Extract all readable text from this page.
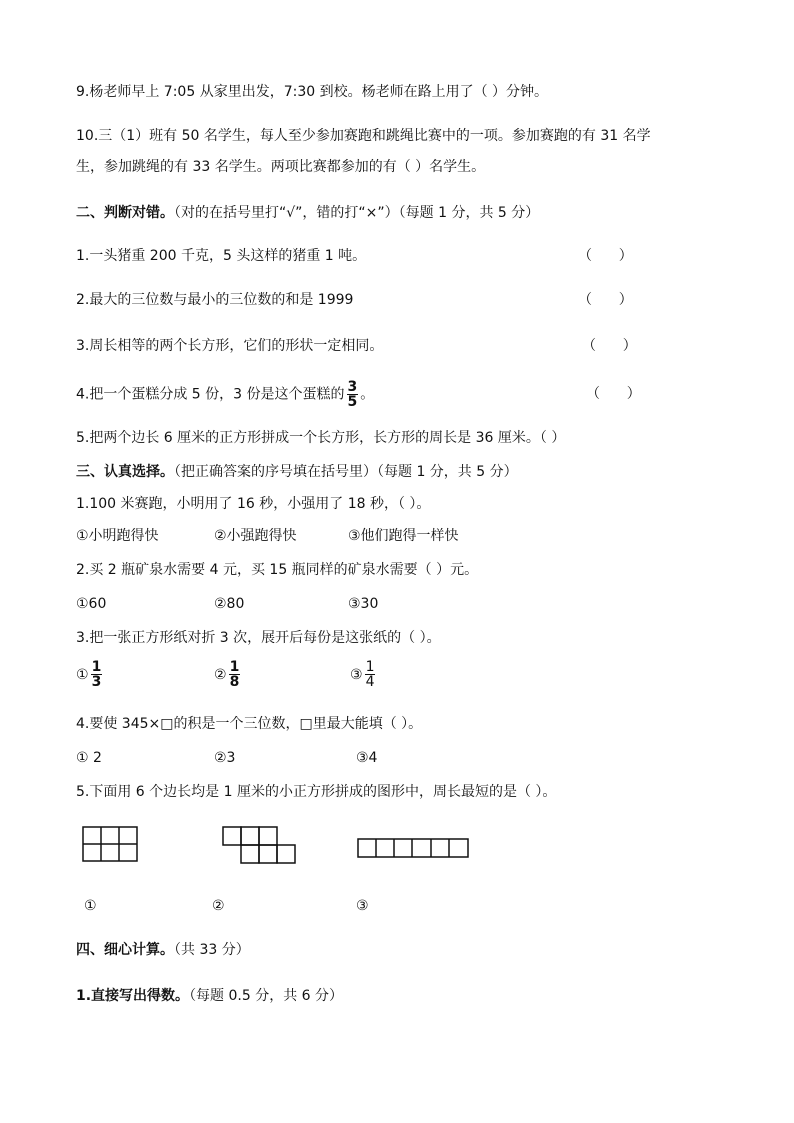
9.杨老师早上 7:05 从家里出发，7:30 到校。杨老师在路上用了（ ）分钟。
10.三（1）班有 50 名学生，每人至少参加赛跑和跳绳比赛中的一项。参加赛跑的有 31 名学
生，参加跳绳的有 33 名学生。两项比赛都参加的有（ ）名学生。
二、判断对错。（对的在括号里打“√”，错的打“×”）（每题 1 分，共 5 分）
1.一头猪重 200 千克，5 头这样的猪重 1 吨。	（      ）
2.最大的三位数与最小的三位数的和是 1999	（      ）
3.周长相等的两个长方形，它们的形状一定相同。	（      ）
4.把一个蛋糕分成 5 份，3 份是这个蛋糕的 $\frac{3}{5}$ 。	（      ）
5.把两个边长 6 厘米的正方形拼成一个长方形，长方形的周长是 36 厘米。（ ）
三、认真选择。（把正确答案的序号填在括号里）（每题 1 分，共 5 分）
1.100 米赛跑，小明用了 16 秒，小强用了 18 秒，（ ）。
①小明跑得快	②小强跑得快	③他们跑得一样快
2.买 2 瓶矿泉水需要 4 元，买 15 瓶同样的矿泉水需要（ ）元。
①60	②80	③30
3.把一张正方形纸对折 3 次，展开后每份是这张纸的（ ）。
① $\frac{1}{3}$	② $\frac{1}{8}$	③ $\frac{1}{4}$
4.要使 345×□的积是一个三位数，□里最大能填（ ）。
① 2	②3	③4
5.下面用 6 个边长均是 1 厘米的小正方形拼成的图形中，周长最短的是（ ）。
①	②	③
四、细心计算。（共 33 分）
1.直接写出得数。（每题 0.5 分，共 6 分）
